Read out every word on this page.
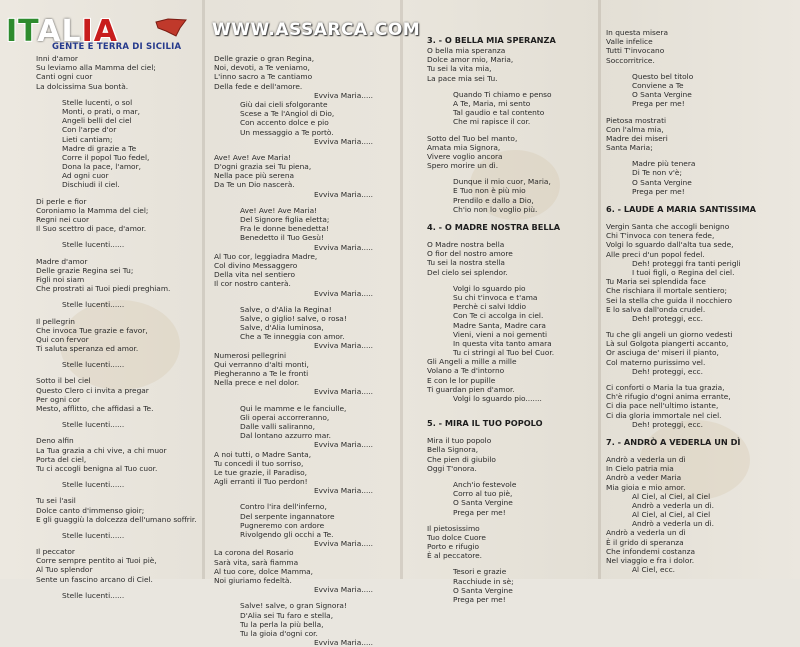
ITALIA
GENTE E TERRA DI SICILIA
WWW.ASSARCA.COM
Inni d'amor
Su leviamo alla Mamma del ciel;
Canti ogni cuor
La dolcissima Sua bontà.
Stelle lucenti, o sol
Monti, o prati, o mar,
Angeli belli del ciel
Con l'arpe d'or
Lieti cantiam;
Madre di grazie a Te
Corre il popol Tuo fedel,
Dona la pace, l'amor,
Ad ogni cuor
Dischiudi il ciel.
Di perle e fior
Coroniamo la Mamma del ciel;
Regni nei cuor
Il Suo scettro di pace, d'amor.
Stelle lucenti......
Madre d'amor
Delle grazie Regina sei Tu;
Figli noi siam
Che prostrati ai Tuoi piedi preghiam.
Stelle lucenti......
Il pellegrin
Che invoca Tue grazie e favor,
Qui con fervor
Ti saluta speranza ed amor.
Stelle lucenti......
Sotto il bel ciel
Questo Clero ci invita a pregar
Per ogni cor
Mesto, afflitto, che affidasi a Te.
Stelle lucenti......
Deno alfin
La Tua grazia a chi vive, a chi muor
Porta del ciel,
Tu ci accogli benigna al Tuo cuor.
Stelle lucenti......
Tu sei l'asil
Dolce canto d'immenso gioir;
E gli guaggiù la dolcezza dell'umano soffrir.
Stelle lucenti......
Il peccator
Corre sempre pentito ai Tuoi piè,
Al Tuo splendor
Sente un fascino arcano di Ciel.
Stelle lucenti......
Delle grazie o gran Regina,
Noi, devoti, a Te veniamo,
L'inno sacro a Te cantiamo
Della fede e dell'amore.
Evviva Maria.....
Giù dai cieli sfolgorante
Scese a Te l'Angiol di Dio,
Con accento dolce e pio
Un messaggio a Te portò.
Evviva Maria.....
Ave! Ave! Ave Maria!
D'ogni grazia sei Tu piena,
Nella pace più serena
Da Te un Dio nascerà.
Evviva Maria.....
Ave! Ave! Ave Maria!
Del Signore figlia eletta;
Fra le donne benedetta!
Benedetto il Tuo Gesù!
Evviva Maria.....
Al Tuo cor, leggiadra Madre,
Col divino Messaggero
Della vita nel sentiero
Il cor nostro canterà.
Evviva Maria.....
Salve, o d'Alia la Regina!
Salve, o giglio! salve, o rosa!
Salve, d'Alia luminosa,
Che a Te inneggia con amor.
Evviva Maria.....
Numerosi pellegrini
Qui verranno d'alti monti,
Piegheranno a Te le fronti
Nella prece e nel dolor.
Evviva Maria.....
Qui le mamme e le fanciulle,
Gli operai accorreranno,
Dalle valli saliranno,
Dal lontano azzurro mar.
Evviva Maria.....
A noi tutti, o Madre Santa,
Tu concedi il tuo sorriso,
Le tue grazie, il Paradiso,
Agli erranti il Tuo perdon!
Evviva Maria.....
Contro l'ira dell'inferno,
Del serpente ingannatore
Pugneremo con ardore
Rivolgendo gli occhi a Te.
Evviva Maria.....
La corona del Rosario
Sarà vita, sarà fiamma
Al tuo core, dolce Mamma,
Noi giuriamo fedeltà.
Evviva Maria.....
Salve! salve, o gran Signora!
D'Alia sei Tu faro e stella,
Tu la perla la più bella,
Tu la gioia d'ogni cor.
Evviva Maria.....
3. - O BELLA MIA SPERANZA
O bella mia speranza
Dolce amor mio, Maria,
Tu sei la vita mia,
La pace mia sei Tu.
Quando Ti chiamo e penso
A Te, Maria, mi sento
Tal gaudio e tal contento
Che mi rapisce il cor.
Sotto del Tuo bel manto,
Amata mia Signora,
Vivere voglio ancora
Spero morire un dì.
Dunque il mio cuor, Maria,
E Tuo non è più mio
Prendilo e dallo a Dio,
Ch'io non lo voglio più.
4. - O MADRE NOSTRA BELLA
O Madre nostra bella
O fior del nostro amore
Tu sei la nostra stella
Del cielo sei splendor.
Volgi lo sguardo pio
Su chi t'invoca e t'ama
Perchè ci salvi Iddio
Con Te ci accolga in ciel.
Madre Santa, Madre cara
Vieni, vieni a noi gementi
In questa vita tanto amara
Tu ci stringi al Tuo bel Cuor.
Gli Angeli a mille a mille
Volano a Te d'intorno
E con le lor pupille
Ti guardan pien d'amor.
Volgi lo sguardo pio.......
5. - MIRA IL TUO POPOLO
Mira il tuo popolo
Bella Signora,
Che pien di giubilo
Oggi T'onora.
Anch'io festevole
Corro al tuo piè,
O Santa Vergine
Prega per me!
Il pietosissimo
Tuo dolce Cuore
Porto e rifugio
È al peccatore.
Tesori e grazie
Racchiude in sè;
O Santa Vergine
Prega per me!
In questa misera
Valle infelice
Tutti T'invocano
Soccorritrice.
Questo bel titolo
Conviene a Te
O Santa Vergine
Prega per me!
Pietosa mostrati
Con l'alma mia,
Madre dei miseri
Santa Maria;
Madre più tenera
Di Te non v'è;
O Santa Vergine
Prega per me!
6. - LAUDE A MARIA SANTISSIMA
Vergin Santa che accogli benigno
Chi T'invoca con tenera fede,
Volgi lo sguardo dall'alta tua sede,
Alle preci d'un popol fedel.
Deh! proteggi fra tanti perigli
I tuoi figli, o Regina del ciel.
Tu Maria sei splendida face
Che rischiara il mortale sentiero;
Sei la stella che guida il nocchiero
E lo salva dall'onda crudel.
Deh! proteggi, ecc.
Tu che gli angeli un giorno vedesti
Là sul Golgota piangerti accanto,
Or asciuga de' miseri il pianto,
Col materno purissimo vel.
Deh! proteggi, ecc.
Ci conforti o Maria la tua grazia,
Ch'è rifugio d'ogni anima errante,
Ci dia pace nell'ultimo istante,
Ci dia gloria immortale nel ciel.
Deh! proteggi, ecc.
7. - ANDRÒ A VEDERLA UN DÌ
Andrò a vederla un dì
In Cielo patria mia
Andrò a veder Maria
Mia gioia e mio amor.
Al Ciel, al Ciel, al Ciel
Andrò a vederla un dì.
Al Ciel, al Ciel, al Ciel
Andrò a vederla un dì.
Andrò a vederla un dì
È il grido di speranza
Che infondemi costanza
Nel viaggio e fra i dolor.
Al Ciel, ecc.
